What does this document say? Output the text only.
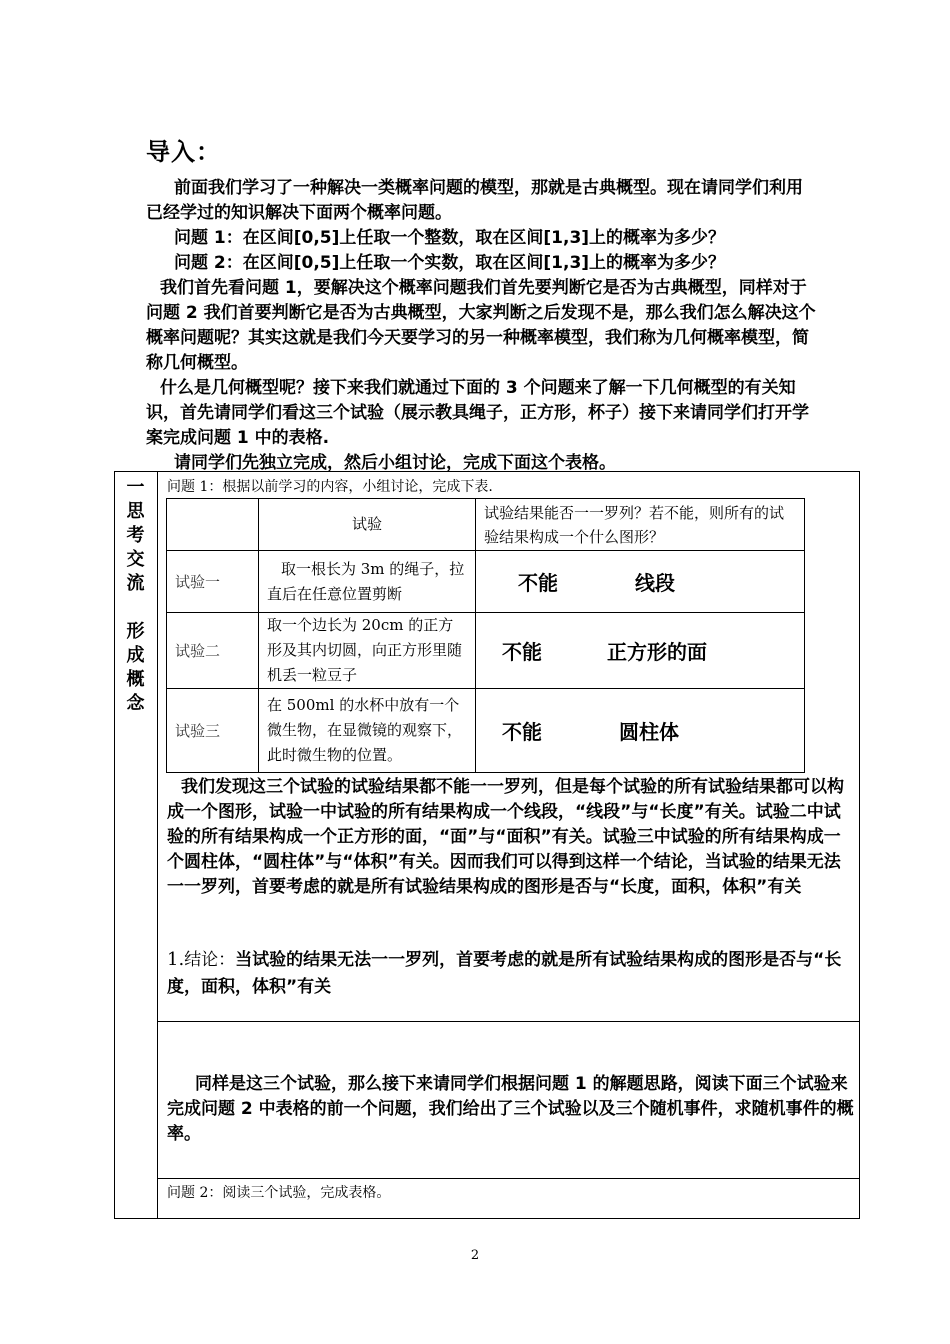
导入：

前面我们学习了一种解决一类概率问题的模型，那就是古典概型。现在请同学们利用已经学过的知识解决下面两个概率问题。

问题 1：在区间[0,5]上任取一个整数，取在区间[1,3]上的概率为多少？

问题 2：在区间[0,5]上任取一个实数，取在区间[1,3]上的概率为多少？

我们首先看问题 1，要解决这个概率问题我们首先要判断它是否为古典概型，同样对于问题 2 我们首要判断它是否为古典概型，大家判断之后发现不是，那么我们怎么解决这个概率问题呢？其实这就是我们今天要学习的另一种概率模型，我们称为几何概率模型，简称几何概型。

什么是几何概型呢？接下来我们就通过下面的 3 个问题来了解一下几何概型的有关知识，首先请同学们看这三个试验（展示教具绳子，正方形，杯子）接下来请同学们打开学案完成问题 1 中的表格.

请同学们先独立完成，然后小组讨论，完成下面这个表格。

一
思
考
交
流
形
成
概
念
问题 1：根据以前学习的内容，小组讨论，完成下表.
	试验	试验结果能否一一罗列？若不能，则所有的试验结果构成一个什么图形？
试验一	取一根长为 3m 的绳子，拉直后在任意位置剪断	不能 线段
试验二	取一个边长为 20cm 的正方形及其内切圆，向正方形里随机丢一粒豆子	不能 正方形的面
试验三	在 500ml 的水杯中放有一个微生物，在显微镜的观察下，此时微生物的位置。	不能 圆柱体

我们发现这三个试验的试验结果都不能一一罗列，但是每个试验的所有试验结果都可以构成一个图形，试验一中试验的所有结果构成一个线段，“线段”与“长度”有关。试验二中试验的所有结果构成一个正方形的面，“面”与“面积”有关。试验三中试验的所有结果构成一个圆柱体，“圆柱体”与“体积”有关。因而我们可以得到这样一个结论，当试验的结果无法一一罗列，首要考虑的就是所有试验结果构成的图形是否与“长度，面积，体积”有关

1.结论：当试验的结果无法一一罗列，首要考虑的就是所有试验结果构成的图形是否与“长度，面积，体积”有关

同样是这三个试验，那么接下来请同学们根据问题 1 的解题思路，阅读下面三个试验来完成问题 2 中表格的前一个问题，我们给出了三个试验以及三个随机事件，求随机事件的概率。

问题 2：阅读三个试验，完成表格。
2
